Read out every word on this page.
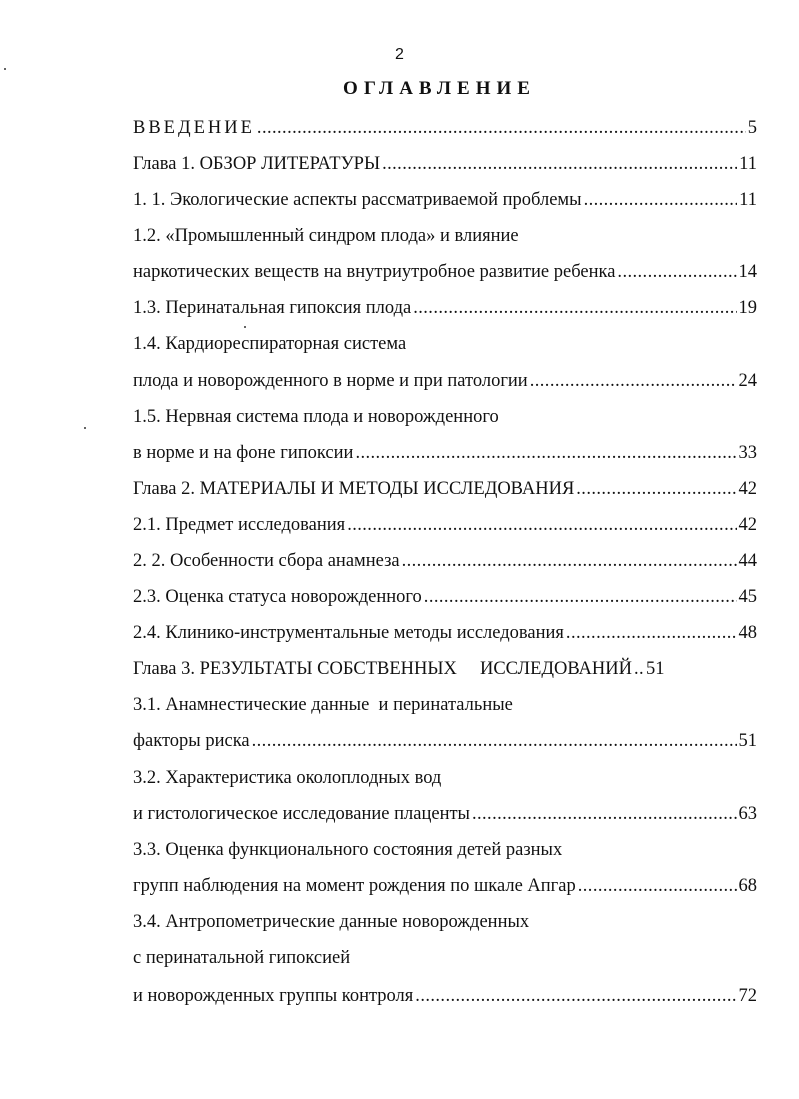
2
ОГЛАВЛЕНИЕ
ВВЕДЕНИЕ .....	5
Глава 1. ОБЗОР ЛИТЕРАТУРЫ .....	11
1. 1. Экологические аспекты рассматриваемой проблемы .....	11
1.2. «Промышленный синдром плода» и влияние
наркотических веществ на внутриутробное развитие ребенка .....	14
1.3. Перинатальная гипоксия плода .....	19
1.4. Кардиореспираторная система
плода и новорожденного в норме и при патологии .....	24
1.5. Нервная система плода и новорожденного
в норме и на фоне гипоксии .....	33
Глава 2. МАТЕРИАЛЫ И МЕТОДЫ ИССЛЕДОВАНИЯ .....	42
2.1. Предмет исследования .....	42
2. 2. Особенности сбора анамнеза .....	44
2.3. Оценка статуса новорожденного .....	45
2.4. Клинико-инструментальные методы исследования .....	48
Глава 3. РЕЗУЛЬТАТЫ СОБСТВЕННЫХ     ИССЛЕДОВАНИЙ ..... 51
3.1. Анамнестические данные  и перинатальные
факторы риска .....	51
3.2. Характеристика околоплодных вод
и гистологическое исследование плаценты .....	63
3.3. Оценка функционального состояния детей разных
групп наблюдения на момент рождения по шкале Апгар .....	68
3.4. Антропометрические данные новорожденных
с перинатальной гипоксией
и новорожденных группы контроля .....	72
